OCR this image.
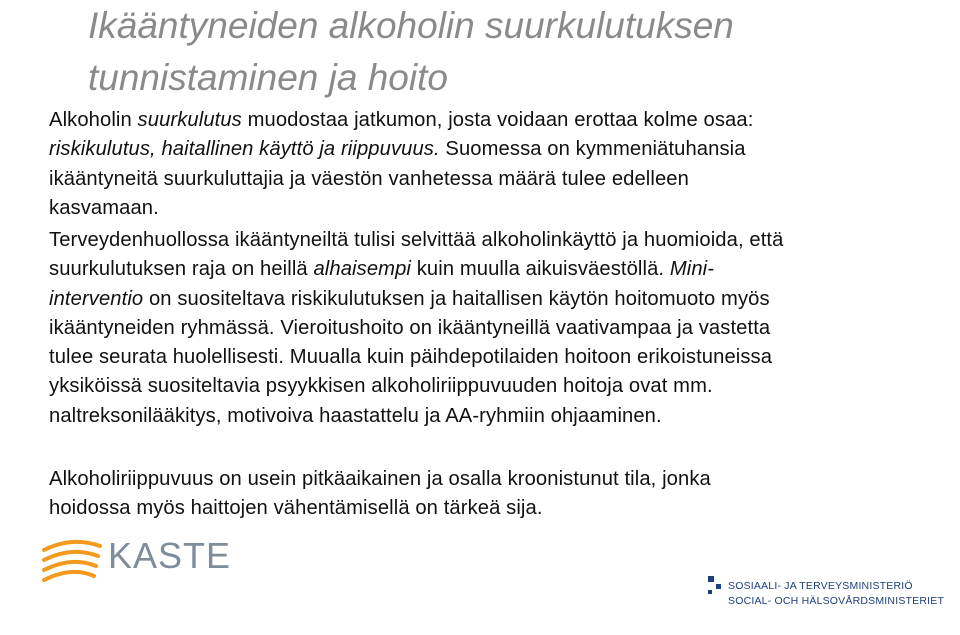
Ikääntyneiden alkoholin suurkulutuksen
tunnistaminen ja hoito
Alkoholin suurkulutus muodostaa jatkumon, josta voidaan erottaa kolme osaa:
riskikulutus, haitallinen käyttö ja riippuvuus. Suomessa on kymmeniätuhansia
ikääntyneitä suurkuluttajia ja väestön vanhetessa määrä tulee edelleen
kasvamaan.
Terveydenhuollossa ikääntyneiltä tulisi selvittää alkoholinkäyttö ja huomioida, että
suurkulutuksen raja on heillä alhaisempi kuin muulla aikuisväestöllä. Mini-
interventio on suositeltava riskikulutuksen ja haitallisen käytön hoitomuoto myös
ikääntyneiden ryhmässä. Vieroitushoito on ikääntyneillä vaativampaa ja vastetta
tulee seurata huolellisesti. Muualla kuin päihdepotilaiden hoitoon erikoistuneissa
yksiköissä suositeltavia psyykkisen alkoholiriippuvuuden hoitoja ovat mm.
naltreksonilääkitys, motivoiva haastattelu ja AA-ryhmiin ohjaaminen.
Alkoholiriippuvuus on usein pitkäaikainen ja osalla kroonistunut tila, jonka
hoidossa myös haittojen vähentämisellä on tärkeä sija.
KASTE
SOSIAALI- JA TERVEYSMINISTERIÖ
SOCIAL- OCH HÄLSOVÅRDSMINISTERIET
